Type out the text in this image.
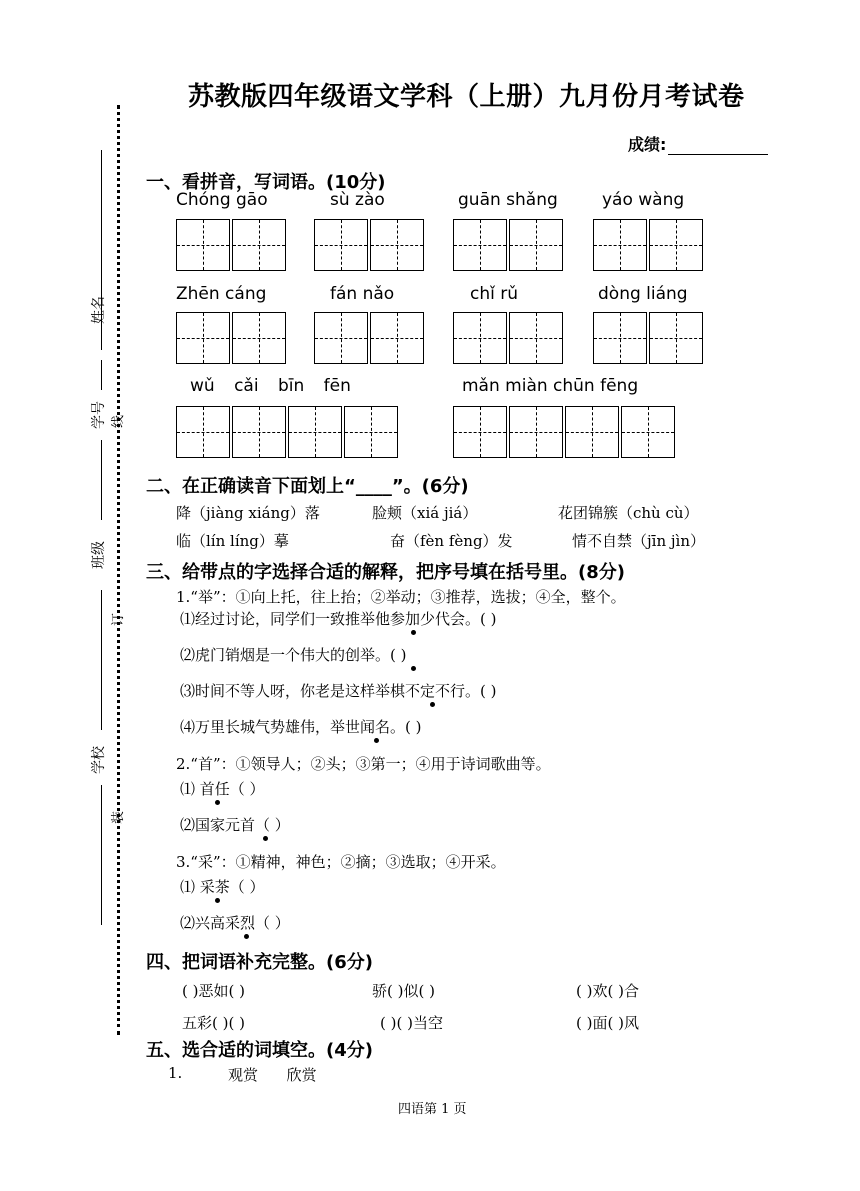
姓名
学号 线
班级
订
学校
装
苏教版四年级语文学科（上册）九月份月考试卷
成绩:
一、看拼音，写词语。(10分)
Chóng gāo	sù zào	guān shǎng	yáo wàng
Zhēn cáng	fán nǎo	chǐ rǔ	dòng liáng
wǔ cǎi bīn fēn	mǎn miàn chūn fēng
二、在正确读音下面划上“____”。(6分)
降（jiàng xiáng）落	脸颊（xiá jiá）	花团锦簇（chù cù）
临（lín líng）摹	奋（fèn fèng）发	情不自禁（jīn jìn）
三、给带点的字选择合适的解释，把序号填在括号里。(8分)
1.“举”：①向上托，往上抬；②举动；③推荐，选拔；④全，整个。
⑴经过讨论，同学们一致推举他参加少代会。( )
⑵虎门销烟是一个伟大的创举。( )
⑶时间不等人呀，你老是这样举棋不定不行。( )
⑷万里长城气势雄伟，举世闻名。( )
2.“首”：①领导人；②头；③第一；④用于诗词歌曲等。
⑴ 首任（ ）
⑵国家元首（ ）
3.“采”：①精神，神色；②摘；③选取；④开采。
⑴ 采茶（ ）
⑵兴高采烈（ ）
四、把词语补充完整。(6分)
( )恶如( )	骄( )似( )	( )欢( )合
五彩( )( )	( )( )当空	( )面( )风
五、选合适的词填空。(4分)
1.	观赏      欣赏
四语第 1 页
